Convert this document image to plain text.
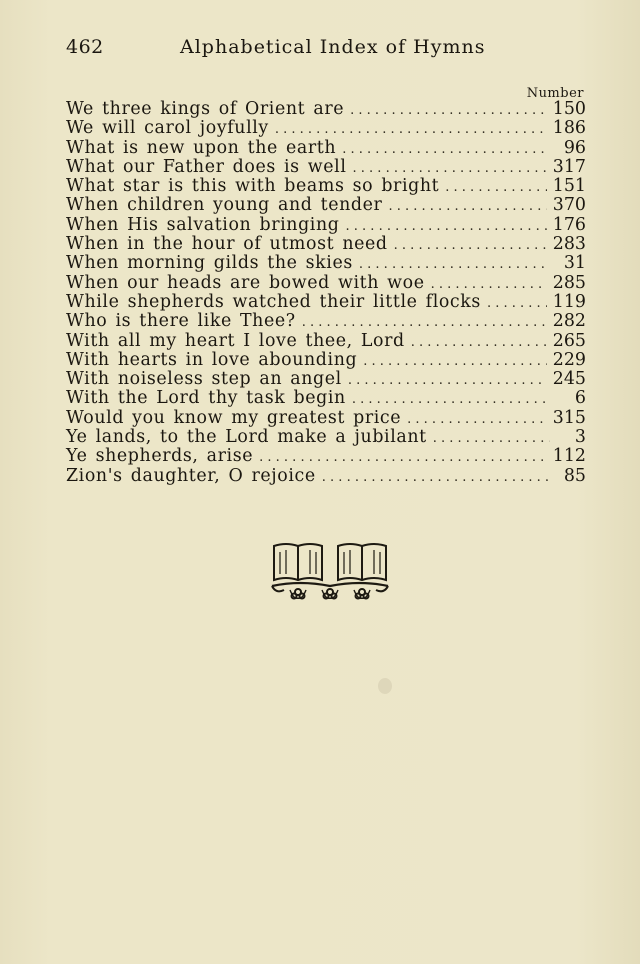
462	Alphabetical Index of Hymns
Number
We three kings of Orient are . . .	150
We will carol joyfully . . .	186
What is new upon the earth . . .	96
What our Father does is well . . .	317
What star is this with beams so bright . . .	151
When children young and tender . . .	370
When His salvation bringing . . .	176
When in the hour of utmost need . . .	283
When morning gilds the skies . . .	31
When our heads are bowed with woe . . .	285
While shepherds watched their little flocks . . .	119
Who is there like Thee? . . .	282
With all my heart I love thee, Lord . . .	265
With hearts in love abounding . . .	229
With noiseless step an angel . . .	245
With the Lord thy task begin . . .	6
Would you know my greatest price . . .	315
Ye lands, to the Lord make a jubilant . . .	3
Ye shepherds, arise . . .	112
Zion's daughter, O rejoice . . .	85
